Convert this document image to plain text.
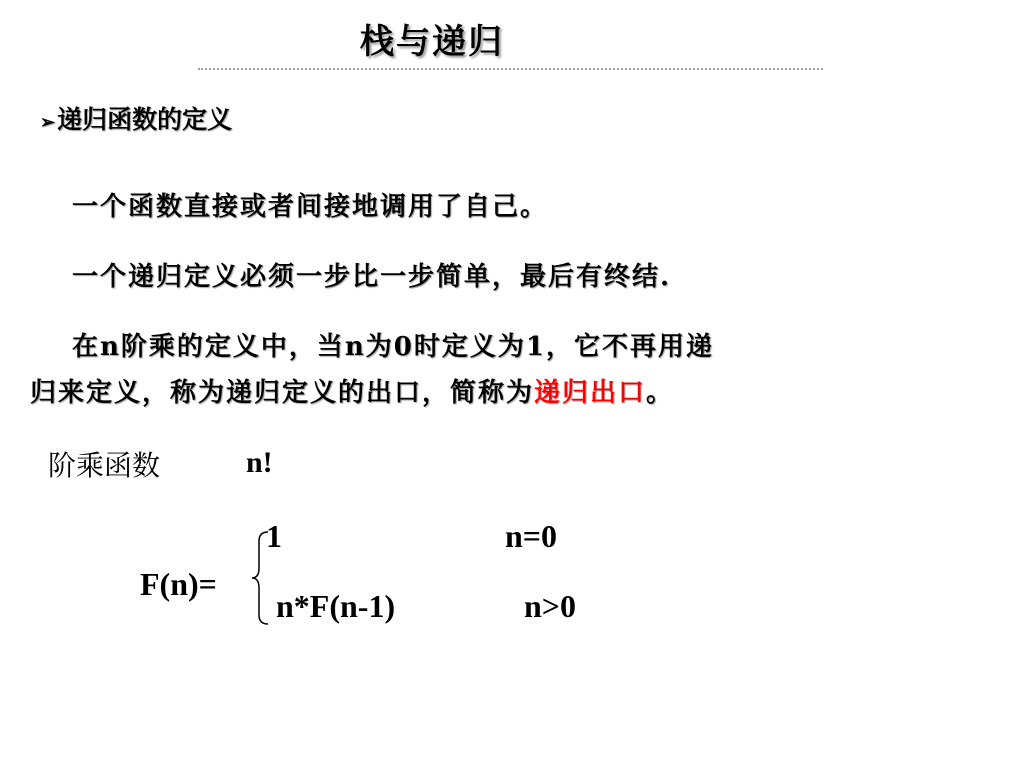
栈与递归
➢递归函数的定义
一个函数直接或者间接地调用了自己。
一个递归定义必须一步比一步简单，最后有终结.
在n阶乘的定义中，当n为0时定义为1，它不再用递
归来定义，称为递归定义的出口，简称为递归出口。
阶乘函数	n!
F(n)=
1	n=0
n*F(n-1)	n>0
